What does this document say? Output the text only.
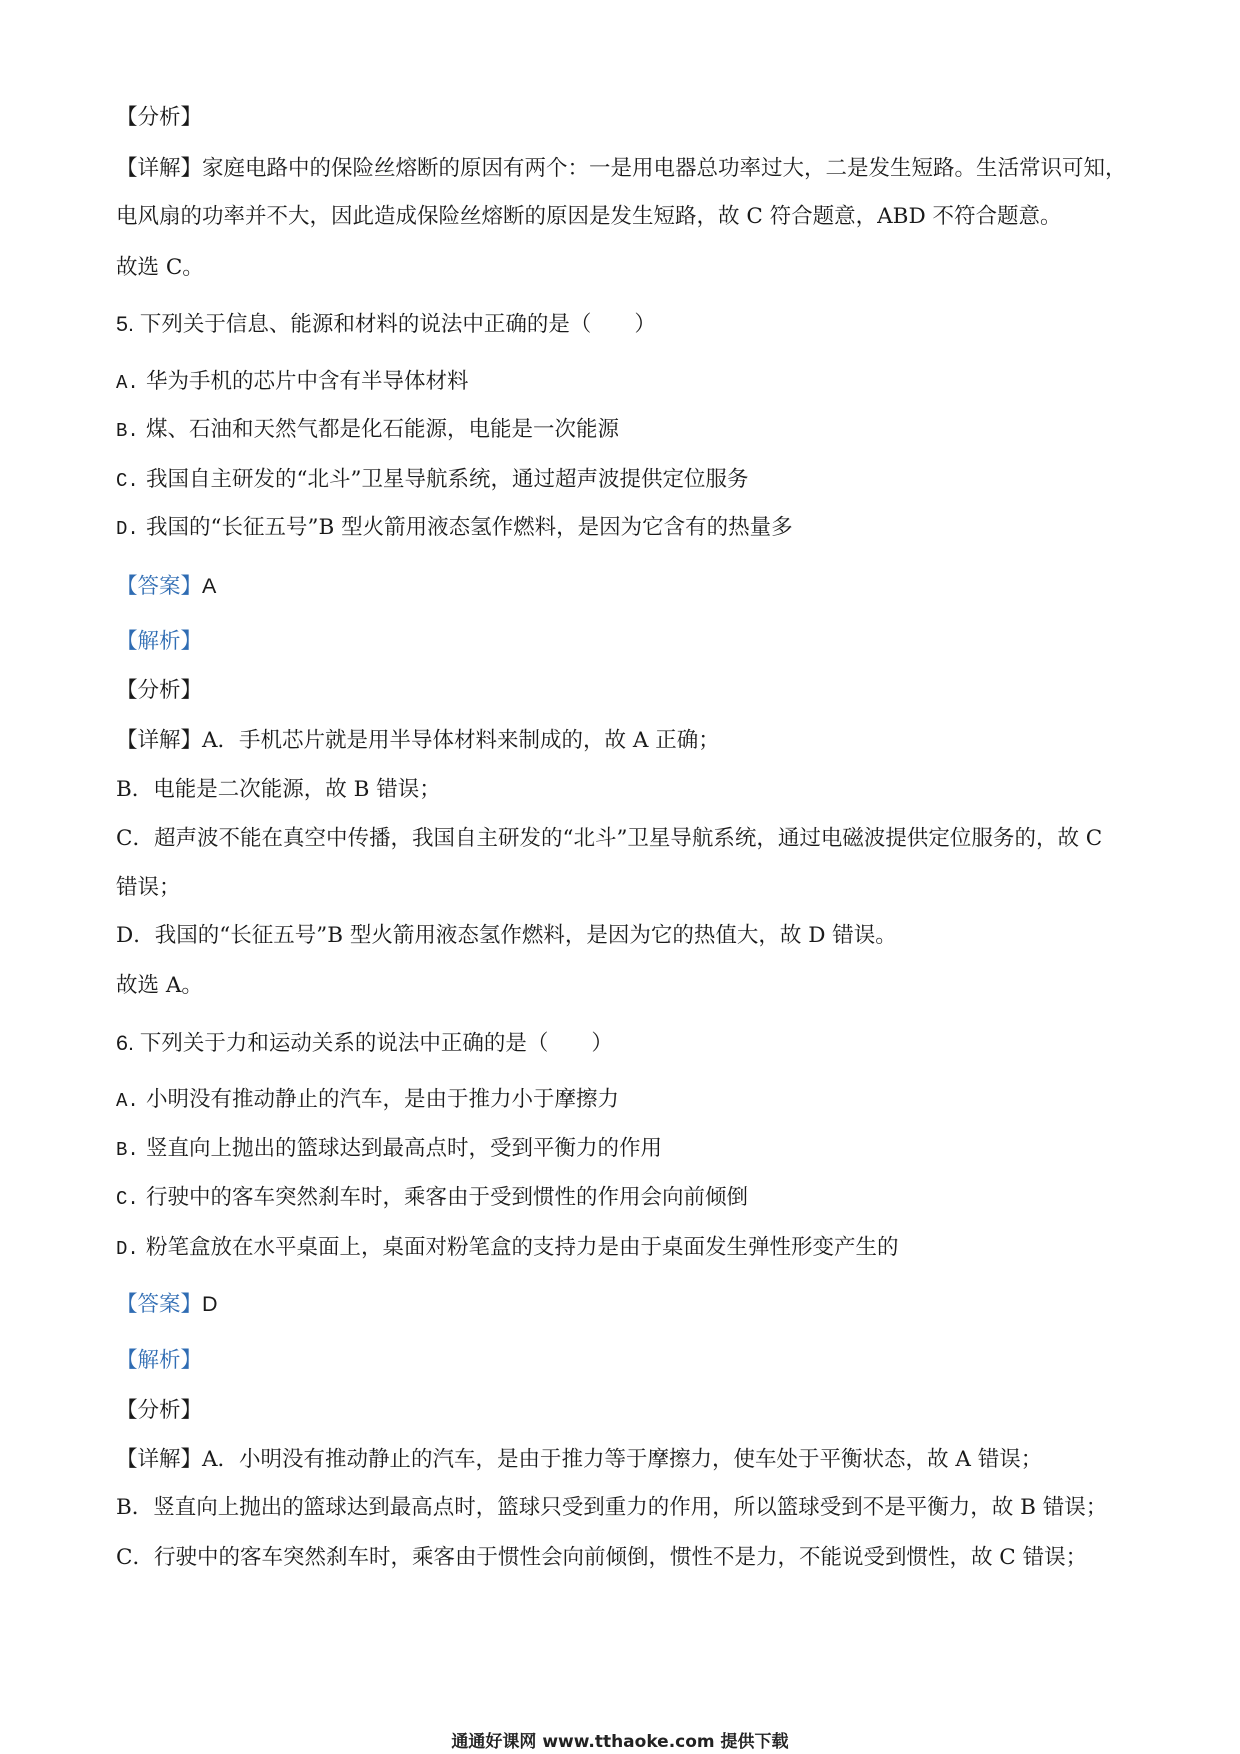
【分析】
【详解】家庭电路中的保险丝熔断的原因有两个：一是用电器总功率过大，二是发生短路。生活常识可知，
电风扇的功率并不大，因此造成保险丝熔断的原因是发生短路，故 C 符合题意，ABD 不符合题意。
故选 C。
5. 下列关于信息、能源和材料的说法中正确的是（　　）
A. 华为手机的芯片中含有半导体材料
B. 煤、石油和天然气都是化石能源，电能是一次能源
C. 我国自主研发的“北斗”卫星导航系统，通过超声波提供定位服务
D. 我国的“长征五号”B 型火箭用液态氢作燃料，是因为它含有的热量多
【答案】A
【解析】
【分析】
【详解】A．手机芯片就是用半导体材料来制成的，故 A 正确；
B．电能是二次能源，故 B 错误；
C．超声波不能在真空中传播，我国自主研发的“北斗”卫星导航系统，通过电磁波提供定位服务的，故 C
错误；
D．我国的“长征五号”B 型火箭用液态氢作燃料，是因为它的热值大，故 D 错误。
故选 A。
6. 下列关于力和运动关系的说法中正确的是（　　）
A. 小明没有推动静止的汽车，是由于推力小于摩擦力
B. 竖直向上抛出的篮球达到最高点时，受到平衡力的作用
C. 行驶中的客车突然刹车时，乘客由于受到惯性的作用会向前倾倒
D. 粉笔盒放在水平桌面上，桌面对粉笔盒的支持力是由于桌面发生弹性形变产生的
【答案】D
【解析】
【分析】
【详解】A．小明没有推动静止的汽车，是由于推力等于摩擦力，使车处于平衡状态，故 A 错误；
B．竖直向上抛出的篮球达到最高点时，篮球只受到重力的作用，所以篮球受到不是平衡力，故 B 错误；
C．行驶中的客车突然刹车时，乘客由于惯性会向前倾倒，惯性不是力，不能说受到惯性，故 C 错误；
通通好课网 www.tthaoke.com 提供下载
